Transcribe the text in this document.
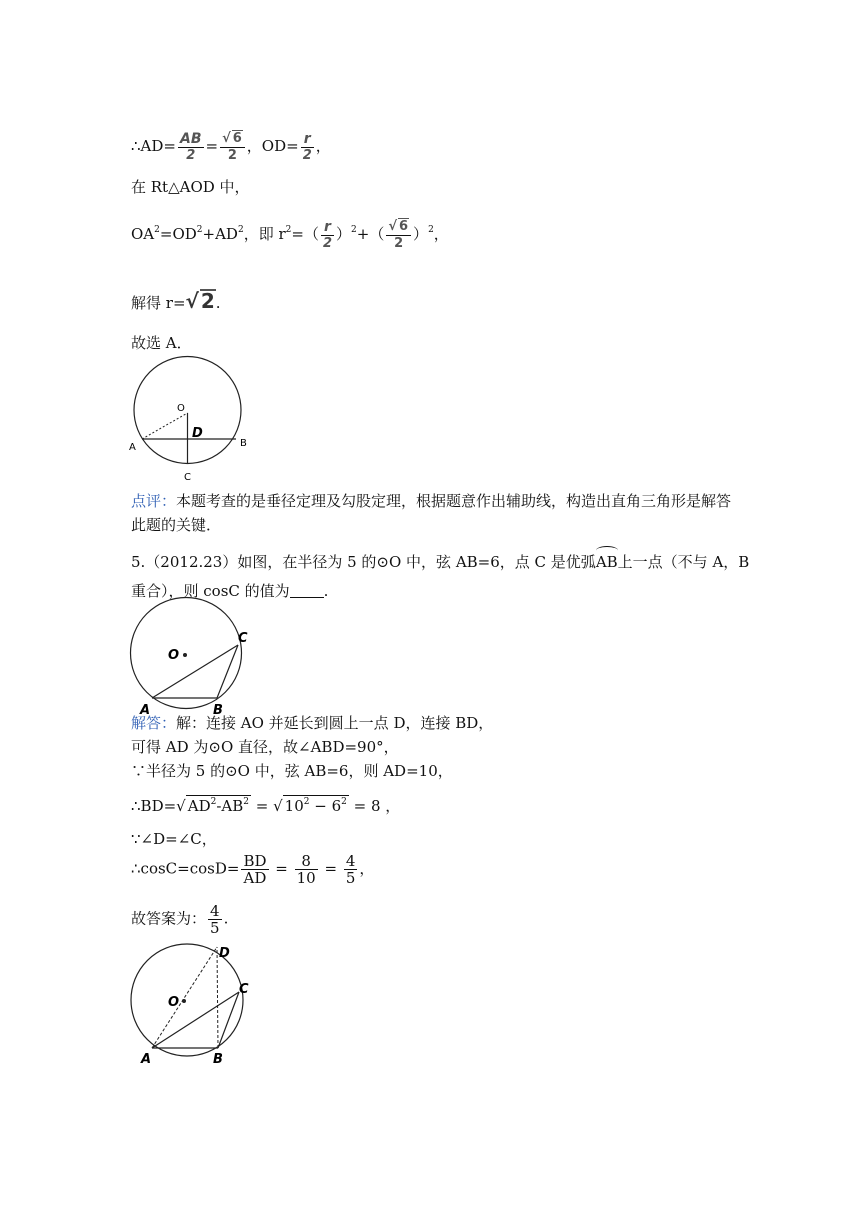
∴AD= $\frac{AB}{2} = \frac{√ 6}{2}$ ，$OD= \frac{r}{2}$ ，
在 Rt△AOD 中，
$OA^2=OD^2+AD^2$，即 $r^2=( \frac{r}{2} )^2+( \frac{√ 6}{2} )^2$，
解得 r=√ 2.
故选 A．
O
D
A	B
C
点评：本题考查的是垂径定理及勾股定理，根据题意作出辅助线，构造出直角三角形是解答
此题的关键．
5.（2012.23）如图，在半径为 5 的⊙O 中，弦 AB=6，点 C 是优弧AB上一点（不与 A，B
重合），则 cosC 的值为 .
O
C
A	B
解答：解：连接 AO 并延长到圆上一点 D，连接 BD，
可得 AD 为⊙O 直径，故∠ABD=90°，
∵半径为 5 的⊙O 中，弦 AB=6，则 AD=10，
∴BD=√ $AD^2-AB^2$ = √ $10^2 - 6^2 = 8$ ，
∵∠D=∠C，
∴cosC=cosD= $\frac{BD}{AD} = \frac{8}{10} = \frac{4}{5}$ ，
故答案为： $\frac{4}{5}$ .
O
D
C
A	B
